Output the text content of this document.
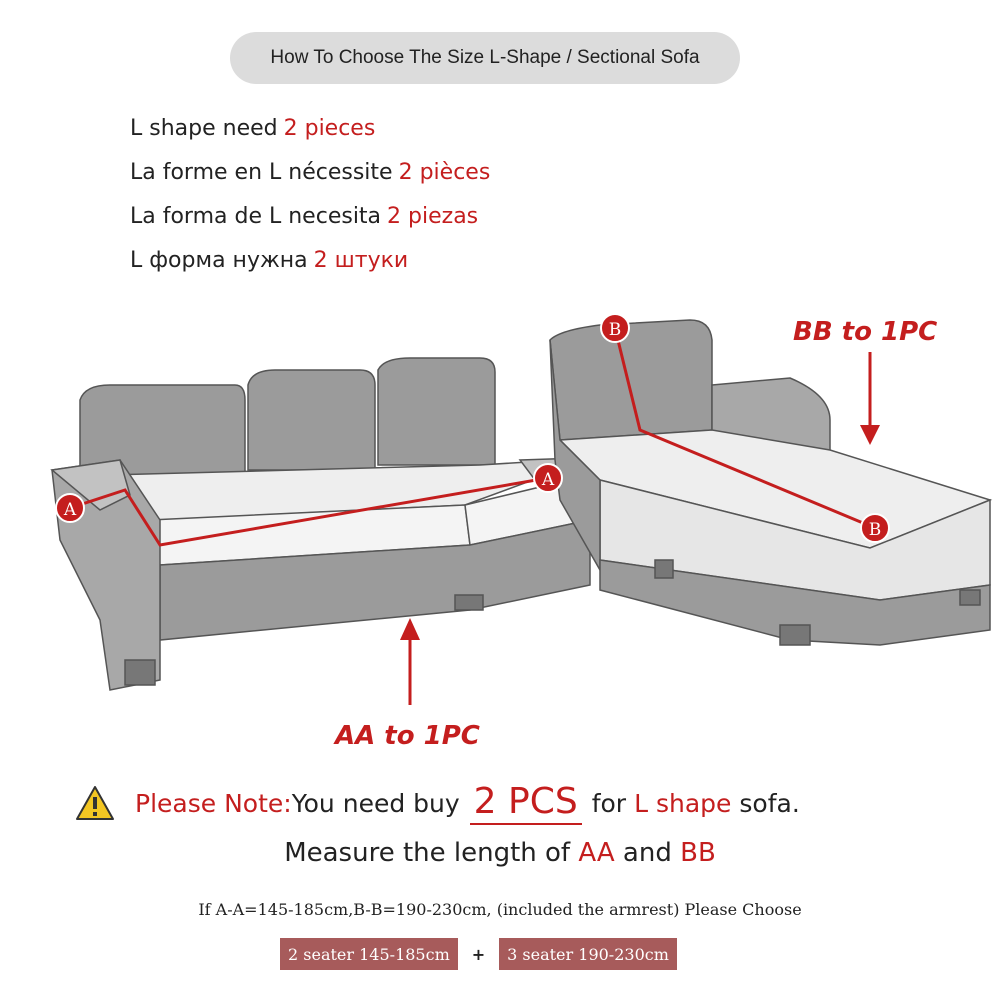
How To Choose The Size L-Shape / Sectional Sofa
L shape need 2 pieces
La forme en L nécessite 2 pièces
La forma de L necesita 2 piezas
L форма нужна 2 штуки
A
A
B
B
BB to 1PC
AA to 1PC
Please Note: You need buy 2 PCS for L shape sofa.
Measure the length of AA and BB
If A-A=145-185cm,B-B=190-230cm, (included the armrest) Please Choose
2 seater 145-185cm	+	3 seater 190-230cm
